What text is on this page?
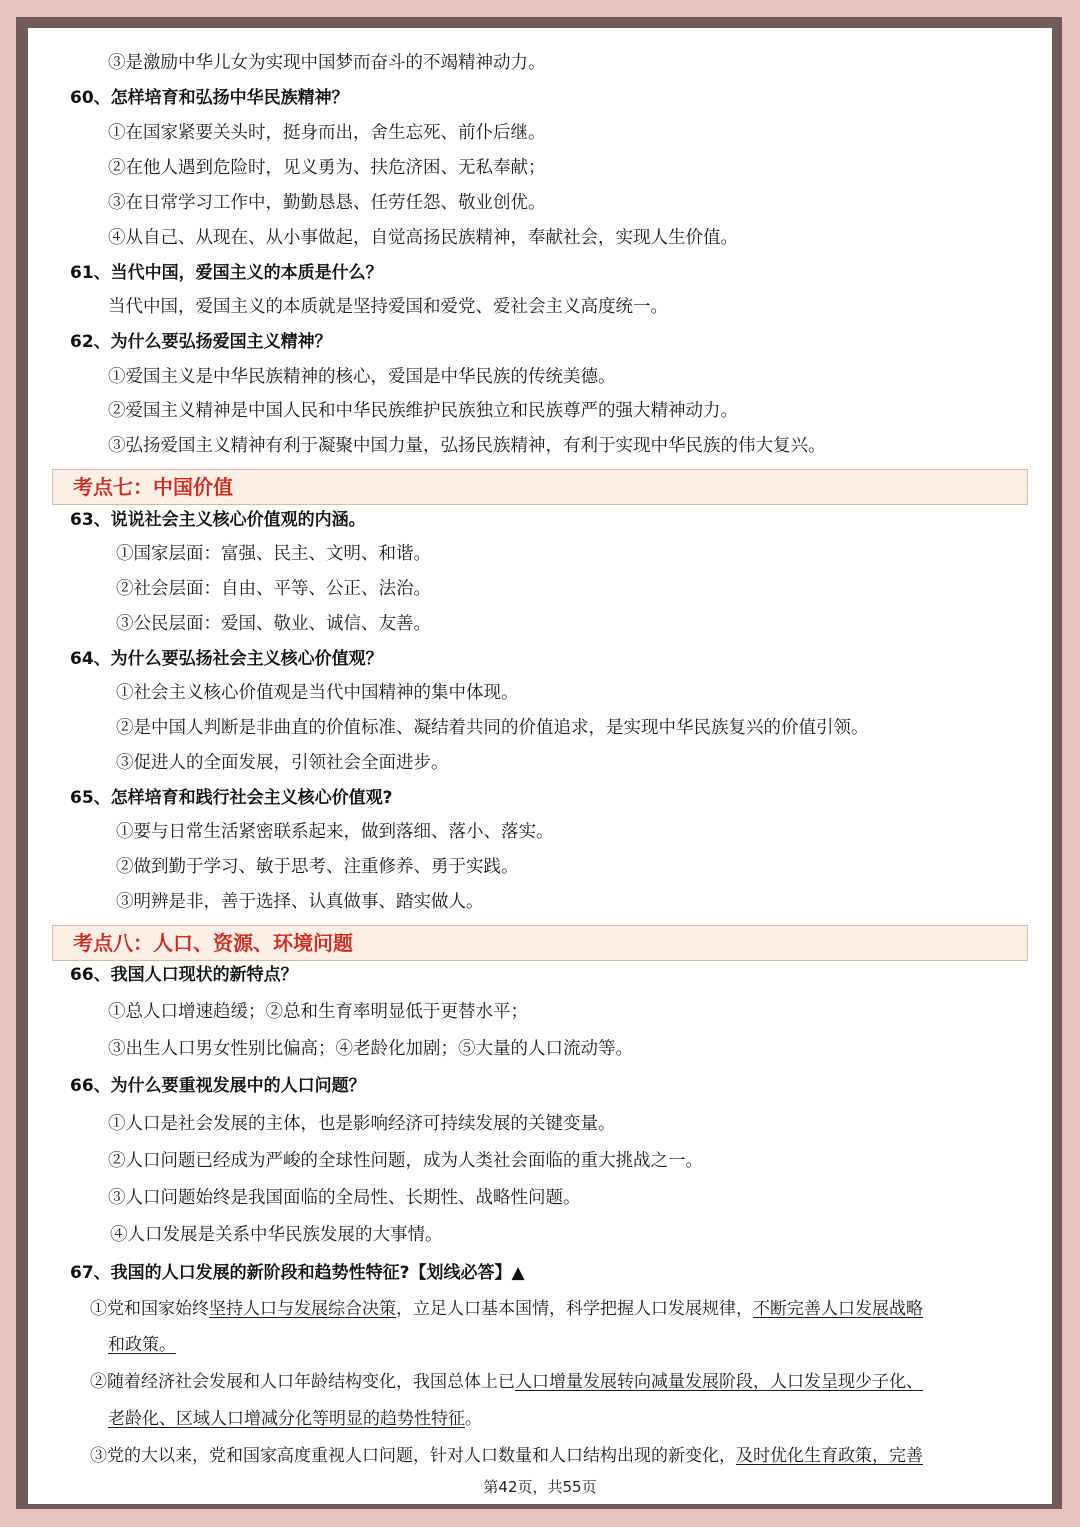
③是激励中华儿女为实现中国梦而奋斗的不竭精神动力。
60、怎样培育和弘扬中华民族精神？
①在国家紧要关头时，挺身而出，舍生忘死、前仆后继。
②在他人遇到危险时，见义勇为、扶危济困、无私奉献；
③在日常学习工作中，勤勤恳恳、任劳任怨、敬业创优。
④从自己、从现在、从小事做起，自觉高扬民族精神，奉献社会，实现人生价值。
61、当代中国，爱国主义的本质是什么？
当代中国，爱国主义的本质就是坚持爱国和爱党、爱社会主义高度统一。
62、为什么要弘扬爱国主义精神？
①爱国主义是中华民族精神的核心，爱国是中华民族的传统美德。
②爱国主义精神是中国人民和中华民族维护民族独立和民族尊严的强大精神动力。
③弘扬爱国主义精神有利于凝聚中国力量，弘扬民族精神，有利于实现中华民族的伟大复兴。
考点七：中国价值
63、说说社会主义核心价值观的内涵。
①国家层面：富强、民主、文明、和谐。
②社会层面：自由、平等、公正、法治。
③公民层面：爱国、敬业、诚信、友善。
64、为什么要弘扬社会主义核心价值观？
①社会主义核心价值观是当代中国精神的集中体现。
②是中国人判断是非曲直的价值标准、凝结着共同的价值追求，是实现中华民族复兴的价值引领。
③促进人的全面发展，引领社会全面进步。
65、怎样培育和践行社会主义核心价值观?
①要与日常生活紧密联系起来，做到落细、落小、落实。
②做到勤于学习、敏于思考、注重修养、勇于实践。
③明辨是非，善于选择、认真做事、踏实做人。
考点八：人口、资源、环境问题
66、我国人口现状的新特点？
①总人口增速趋缓；②总和生育率明显低于更替水平；
③出生人口男女性别比偏高；④老龄化加剧；⑤大量的人口流动等。
66、为什么要重视发展中的人口问题？
①人口是社会发展的主体，也是影响经济可持续发展的关键变量。
②人口问题已经成为严峻的全球性问题，成为人类社会面临的重大挑战之一。
③人口问题始终是我国面临的全局性、长期性、战略性问题。
④人口发展是关系中华民族发展的大事情。
67、我国的人口发展的新阶段和趋势性特征?【划线必答】▲
①党和国家始终坚持人口与发展综合决策，立足人口基本国情，科学把握人口发展规律，不断完善人口发展战略
和政策。
②随着经济社会发展和人口年龄结构变化，我国总体上已人口增量发展转向减量发展阶段，人口发呈现少子化、
老龄化、区域人口增减分化等明显的趋势性特征。
③党的大以来，党和国家高度重视人口问题，针对人口数量和人口结构出现的新变化，及时优化生育政策，完善
第42页，共55页
